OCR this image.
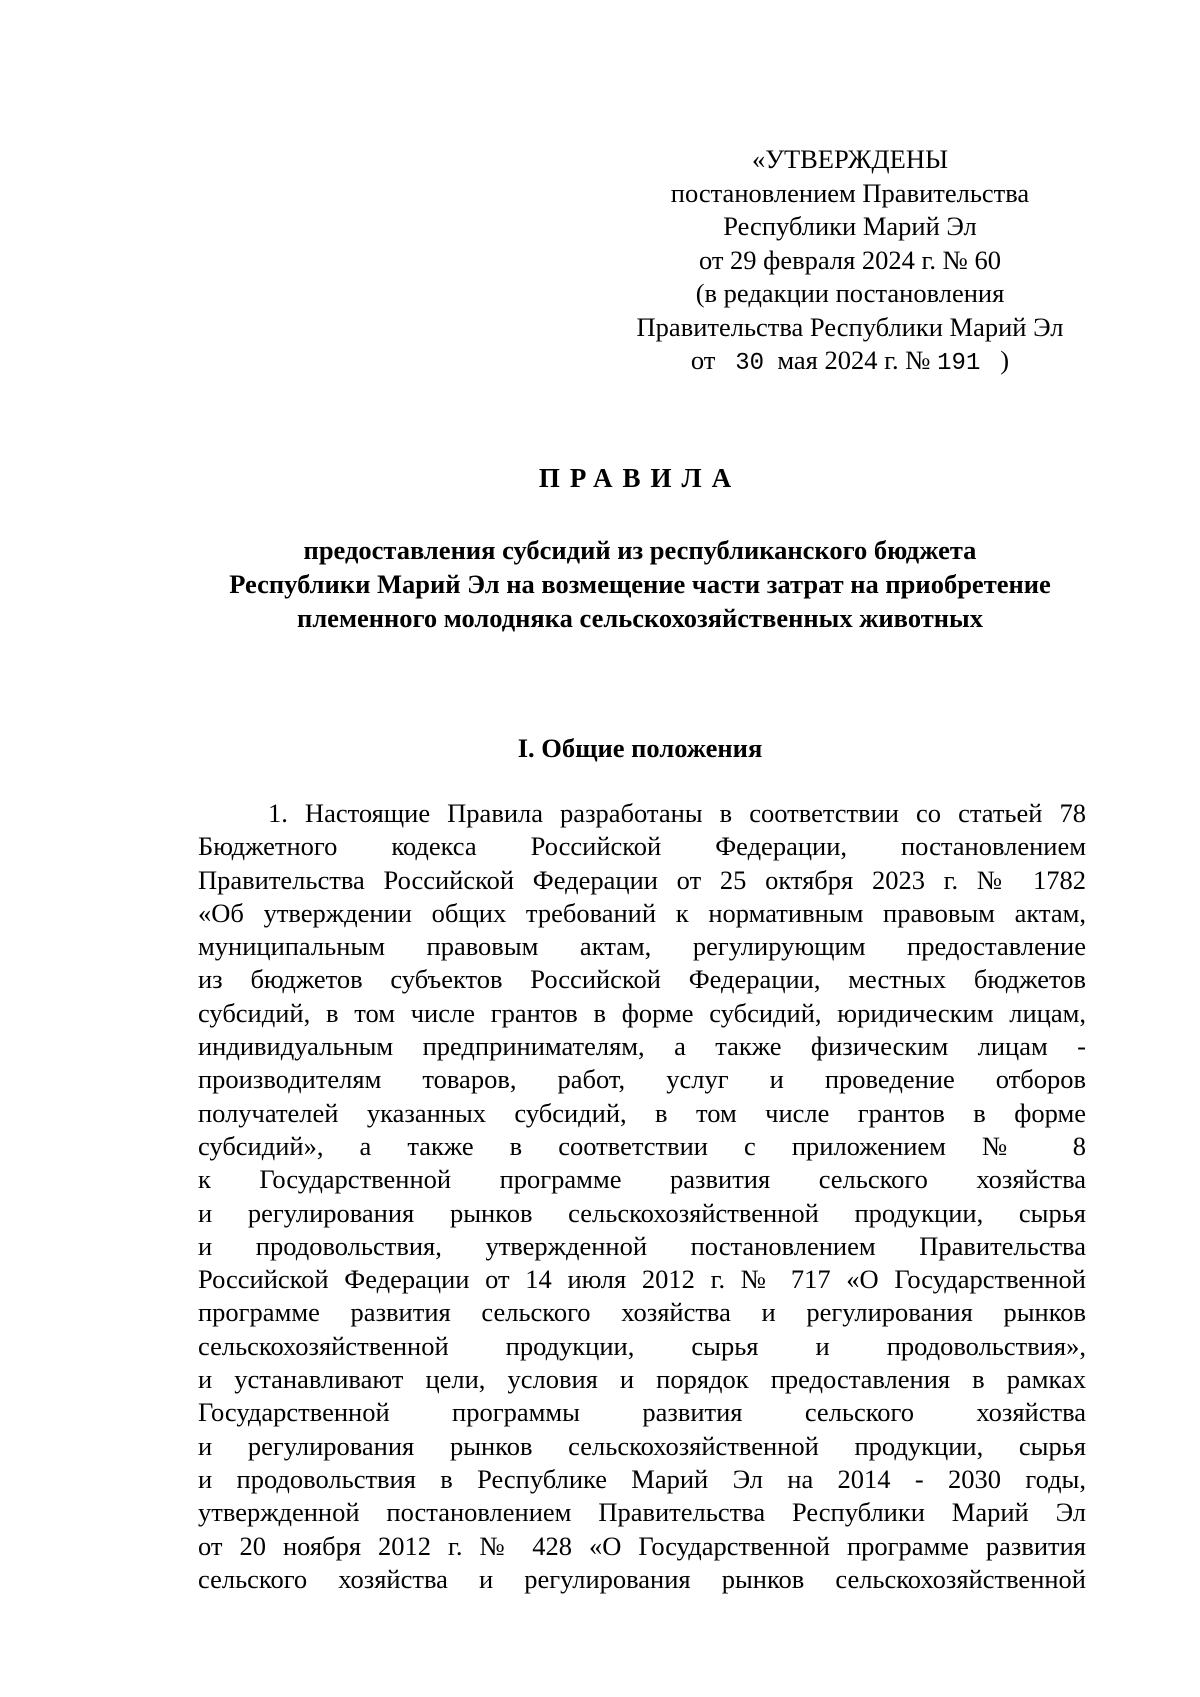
«УТВЕРЖДЕНЫ
постановлением Правительства
Республики Марий Эл
от 29 февраля 2024 г. № 60
(в редакции постановления
Правительства Республики Марий Эл
от 30 мая 2024 г. № 191 )
ПРАВИЛА
предоставления субсидий из республиканского бюджета
Республики Марий Эл на возмещение части затрат на приобретение
племенного молодняка сельскохозяйственных животных
I. Общие положения
1. Настоящие Правила разработаны в соответствии со статьей 78
Бюджетного кодекса Российской Федерации, постановлением
Правительства Российской Федерации от 25 октября 2023 г. № 1782
«Об утверждении общих требований к нормативным правовым актам,
муниципальным правовым актам, регулирующим предоставление
из бюджетов субъектов Российской Федерации, местных бюджетов
субсидий, в том числе грантов в форме субсидий, юридическим лицам,
индивидуальным предпринимателям, а также физическим лицам -
производителям товаров, работ, услуг и проведение отборов
получателей указанных субсидий, в том числе грантов в форме
субсидий», а также в соответствии с приложением № 8
к Государственной программе развития сельского хозяйства
и регулирования рынков сельскохозяйственной продукции, сырья
и продовольствия, утвержденной постановлением Правительства
Российской Федерации от 14 июля 2012 г. № 717 «О Государственной
программе развития сельского хозяйства и регулирования рынков
сельскохозяйственной продукции, сырья и продовольствия»,
и устанавливают цели, условия и порядок предоставления в рамках
Государственной программы развития сельского хозяйства
и регулирования рынков сельскохозяйственной продукции, сырья
и продовольствия в Республике Марий Эл на 2014 - 2030 годы,
утвержденной постановлением Правительства Республики Марий Эл
от 20 ноября 2012 г. № 428 «О Государственной программе развития
сельского хозяйства и регулирования рынков сельскохозяйственной
